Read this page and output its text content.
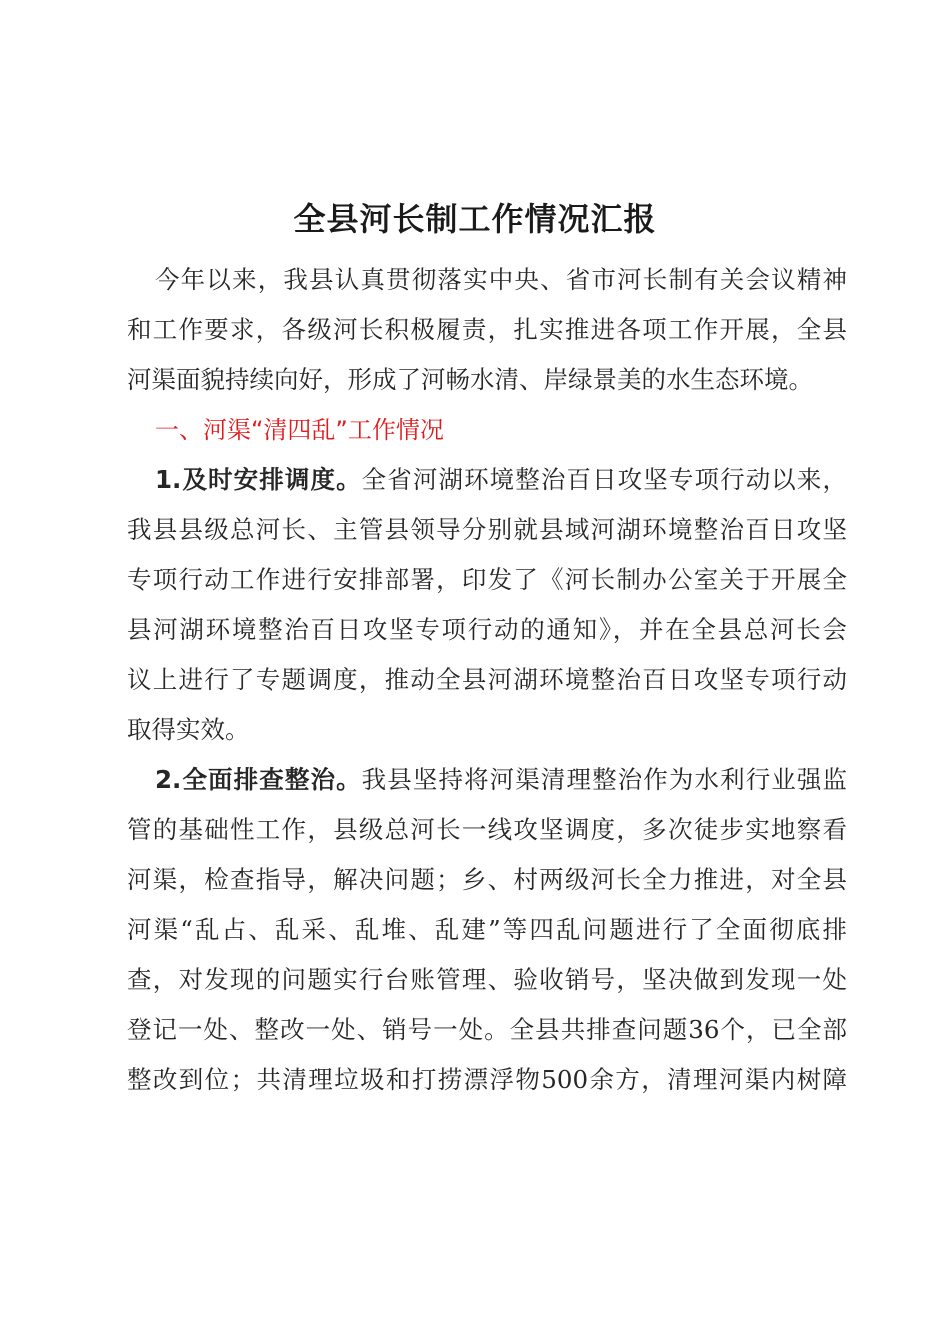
全县河长制工作情况汇报
今年以来，我县认真贯彻落实中央、省市河长制有关会议精神
和工作要求，各级河长积极履责，扎实推进各项工作开展，全县
河渠面貌持续向好，形成了河畅水清、岸绿景美的水生态环境。
一、河渠“清四乱”工作情况
1.及时安排调度。全省河湖环境整治百日攻坚专项行动以来，
我县县级总河长、主管县领导分别就县域河湖环境整治百日攻坚
专项行动工作进行安排部署，印发了《河长制办公室关于开展全
县河湖环境整治百日攻坚专项行动的通知》，并在全县总河长会
议上进行了专题调度，推动全县河湖环境整治百日攻坚专项行动
取得实效。
2.全面排查整治。我县坚持将河渠清理整治作为水利行业强监
管的基础性工作，县级总河长一线攻坚调度，多次徒步实地察看
河渠，检查指导，解决问题；乡、村两级河长全力推进，对全县
河渠“乱占、乱采、乱堆、乱建”等四乱问题进行了全面彻底排
查，对发现的问题实行台账管理、验收销号，坚决做到发现一处
登记一处、整改一处、销号一处。全县共排查问题36个，已全部
整改到位；共清理垃圾和打捞漂浮物500余方，清理河渠内树障
